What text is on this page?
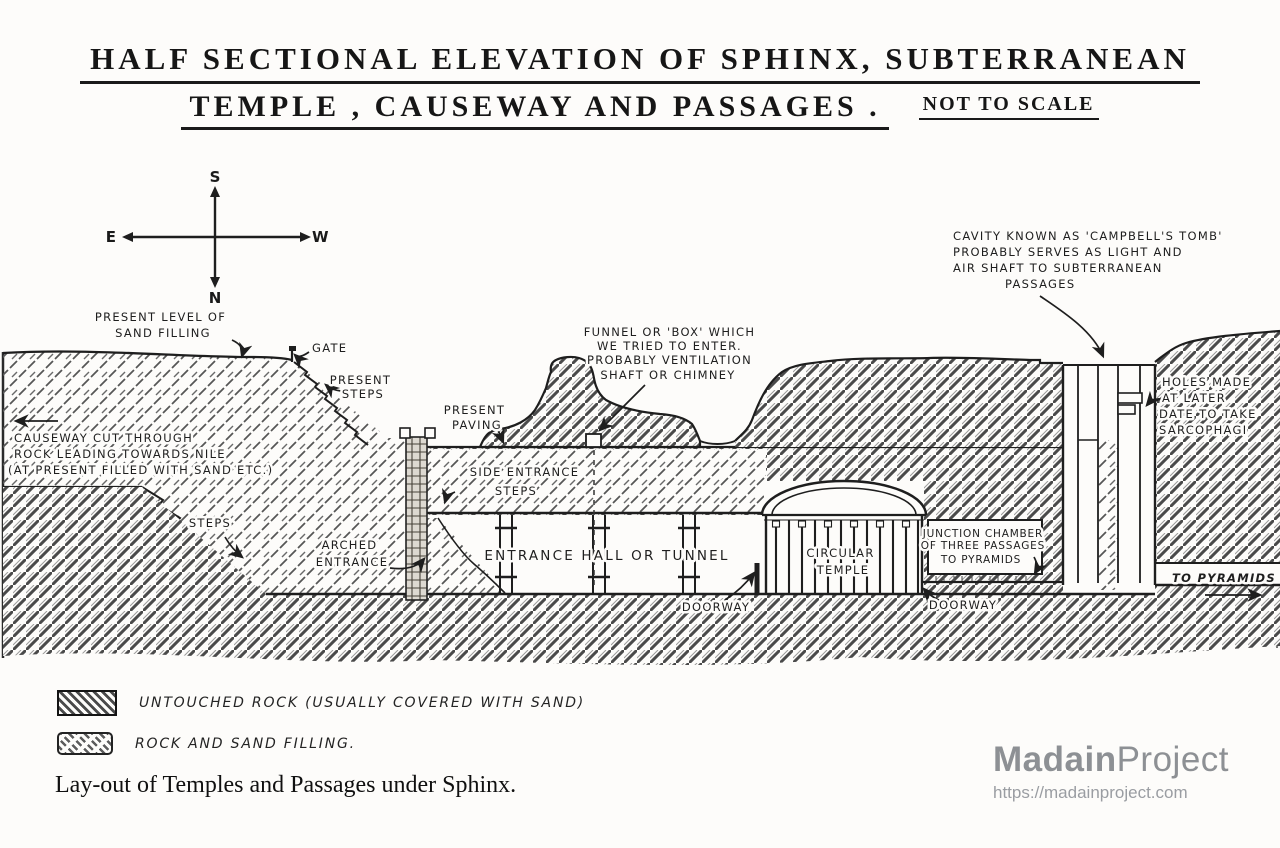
HALF SECTIONAL ELEVATION OF SPHINX, SUBTERRANEAN
TEMPLE , CAUSEWAY AND PASSAGES . NOT TO SCALE
S
N
E	W
PRESENT LEVEL OF SAND FILLING
GATE
PRESENT STEPS
CAUSEWAY CUT THROUGH ROCK LEADING TOWARDS NILE (AT PRESENT FILLED WITH SAND ETC.)
STEPS
ARCHED ENTRANCE
PRESENT PAVING
SIDE ENTRANCE STEPS
FUNNEL OR 'BOX' WHICH WE TRIED TO ENTER. PROBABLY VENTILATION SHAFT OR CHIMNEY
ENTRANCE HALL OR TUNNEL
DOORWAY
CIRCULAR TEMPLE
DOORWAY
JUNCTION CHAMBER OF THREE PASSAGES TO PYRAMIDS
CAVITY KNOWN AS 'CAMPBELL'S TOMB' PROBABLY SERVES AS LIGHT AND AIR SHAFT TO SUBTERRANEAN PASSAGES
HOLES MADE AT LATER DATE TO TAKE SARCOPHAGI
TO PYRAMIDS
UNTOUCHED ROCK (USUALLY COVERED WITH SAND)
ROCK AND SAND FILLING.
Lay-out of Temples and Passages under Sphinx.
MadainProject
https://madainproject.com
